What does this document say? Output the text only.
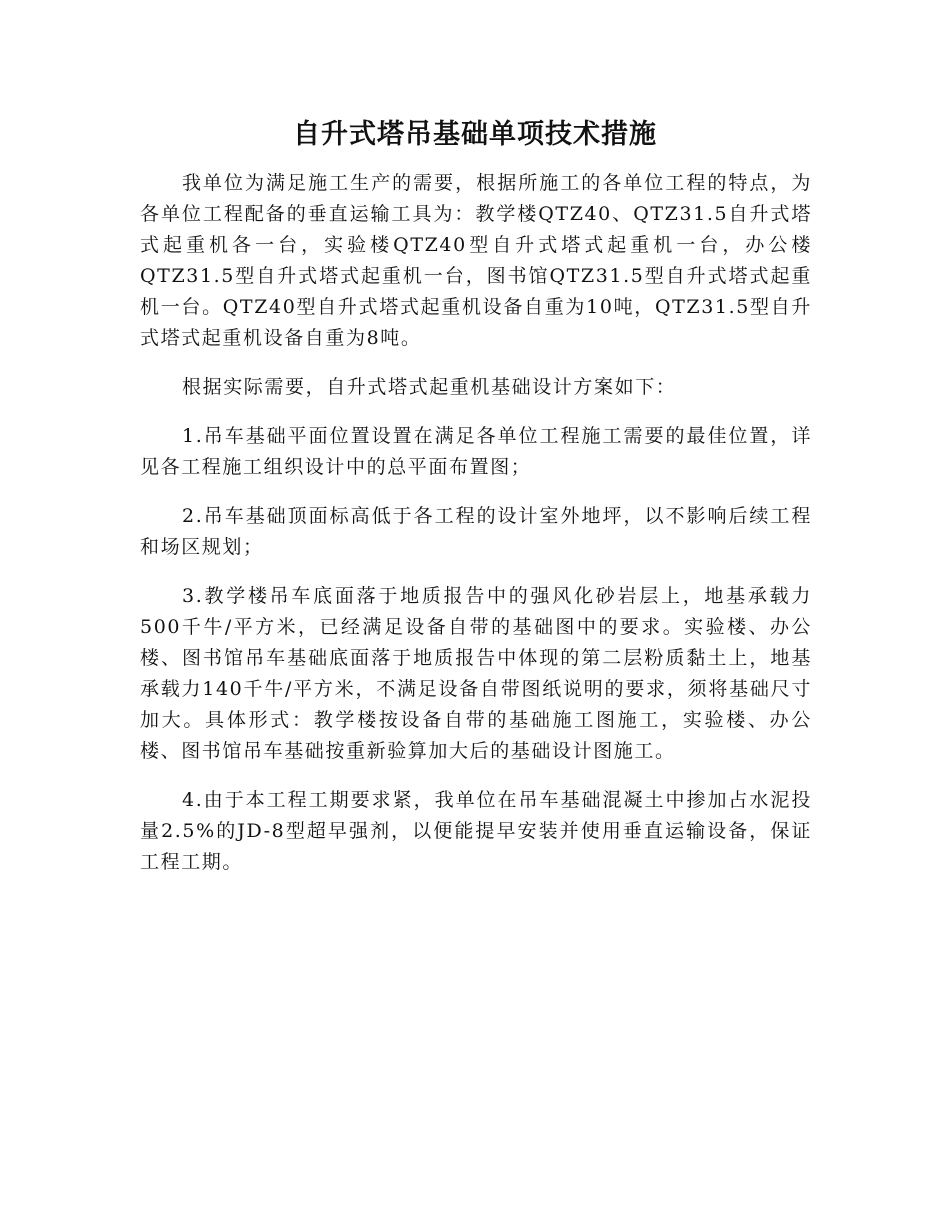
自升式塔吊基础单项技术措施

我单位为满足施工生产的需要，根据所施工的各单位工程的特点，为各单位工程配备的垂直运输工具为：教学楼QTZ40、QTZ31.5自升式塔式起重机各一台，实验楼QTZ40型自升式塔式起重机一台，办公楼QTZ31.5型自升式塔式起重机一台，图书馆QTZ31.5型自升式塔式起重机一台。QTZ40型自升式塔式起重机设备自重为10吨，QTZ31.5型自升式塔式起重机设备自重为8吨。

根据实际需要，自升式塔式起重机基础设计方案如下：

1.吊车基础平面位置设置在满足各单位工程施工需要的最佳位置，详见各工程施工组织设计中的总平面布置图；

2.吊车基础顶面标高低于各工程的设计室外地坪，以不影响后续工程和场区规划；

3.教学楼吊车底面落于地质报告中的强风化砂岩层上，地基承载力500千牛/平方米，已经满足设备自带的基础图中的要求。实验楼、办公楼、图书馆吊车基础底面落于地质报告中体现的第二层粉质黏土上，地基承载力140千牛/平方米，不满足设备自带图纸说明的要求，须将基础尺寸加大。具体形式：教学楼按设备自带的基础施工图施工，实验楼、办公楼、图书馆吊车基础按重新验算加大后的基础设计图施工。

4.由于本工程工期要求紧，我单位在吊车基础混凝土中掺加占水泥投量2.5%的JD-8型超早强剂，以便能提早安装并使用垂直运输设备，保证工程工期。
